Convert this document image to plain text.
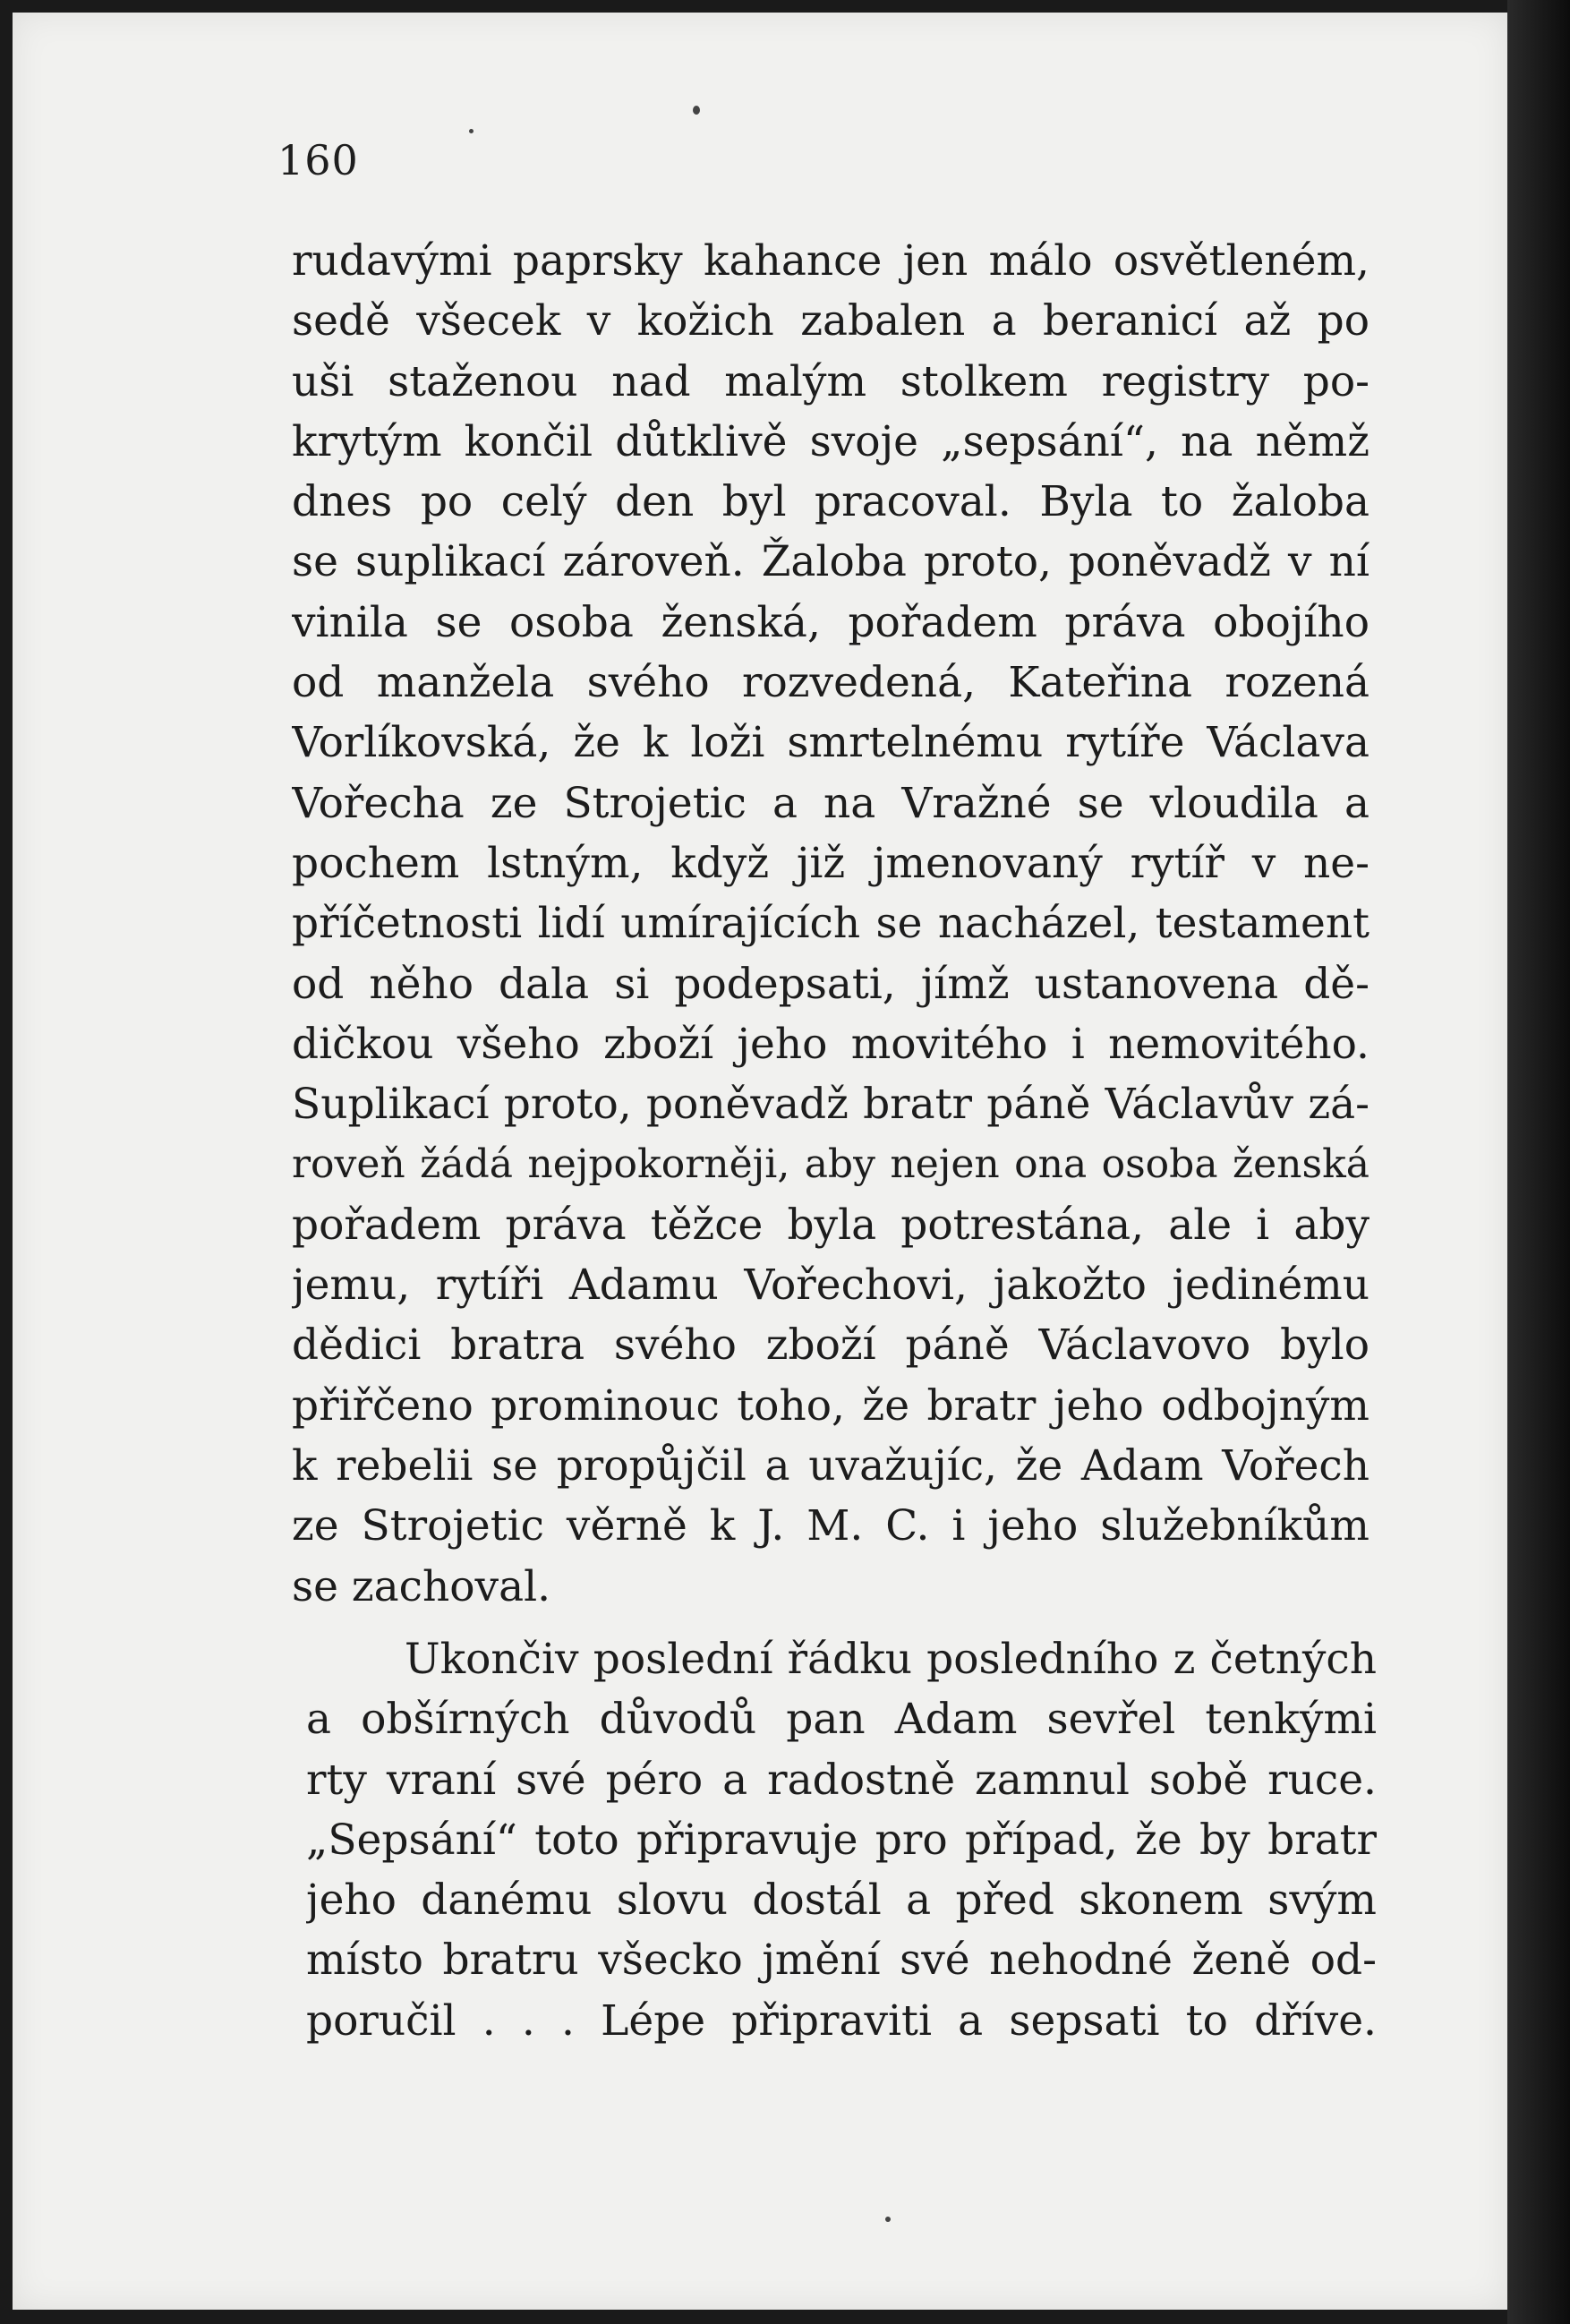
160
rudavými paprsky kahance jen málo osvětleném,
sedě všecek v kožich zabalen a beranicí až po
uši staženou nad malým stolkem registry po-
krytým končil důtklivě svoje „sepsání“, na němž
dnes po celý den byl pracoval. Byla to žaloba
se suplikací zároveň. Žaloba proto, poněvadž v ní
vinila se osoba ženská, pořadem práva obojího
od manžela svého rozvedená, Kateřina rozená
Vorlíkovská, že k loži smrtelnému rytíře Václava
Vořecha ze Strojetic a na Vražné se vloudila a
pochem lstným, když již jmenovaný rytíř v ne-
příčetnosti lidí umírajících se nacházel, testament
od něho dala si podepsati, jímž ustanovena dě-
dičkou všeho zboží jeho movitého i nemovitého.
Suplikací proto, poněvadž bratr páně Václavův zá-
roveň žádá nejpokorněji, aby nejen ona osoba ženská
pořadem práva těžce byla potrestána, ale i aby
jemu, rytíři Adamu Vořechovi, jakožto jedinému
dědici bratra svého zboží páně Václavovo bylo
přiřčeno prominouc toho, že bratr jeho odbojným
k rebelii se propůjčil a uvažujíc, že Adam Vořech
ze Strojetic věrně k J. M. C. i jeho služebníkům
se zachoval.
Ukončiv poslední řádku posledního z četných
a obšírných důvodů pan Adam sevřel tenkými
rty vraní své péro a radostně zamnul sobě ruce.
„Sepsání“ toto připravuje pro případ, že by bratr
jeho danému slovu dostál a před skonem svým
místo bratru všecko jmění své nehodné ženě od-
poručil . . . Lépe připraviti a sepsati to dříve.
